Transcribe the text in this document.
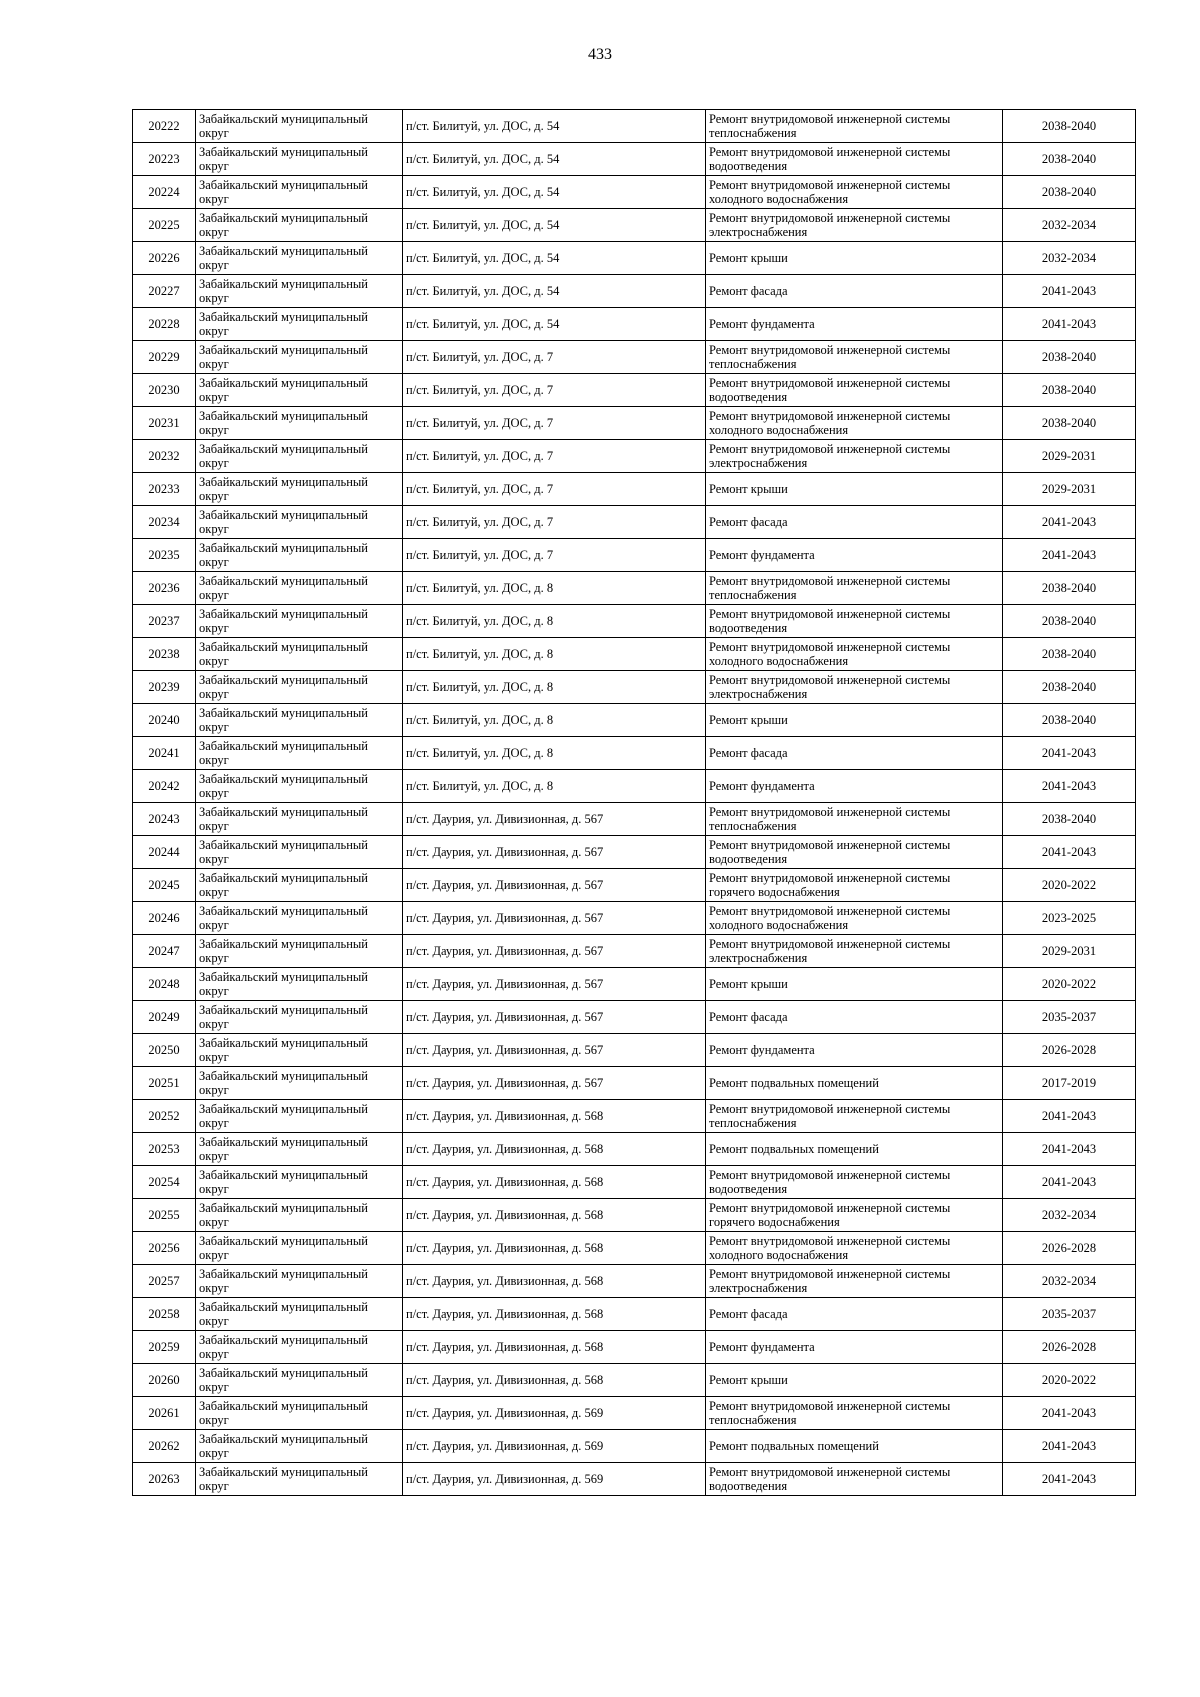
433
20222	Забайкальский муниципальный округ	п/ст. Билитуй, ул. ДОС, д. 54	Ремонт внутридомовой инженерной системы теплоснабжения	2038-2040
20223	Забайкальский муниципальный округ	п/ст. Билитуй, ул. ДОС, д. 54	Ремонт внутридомовой инженерной системы водоотведения	2038-2040
20224	Забайкальский муниципальный округ	п/ст. Билитуй, ул. ДОС, д. 54	Ремонт внутридомовой инженерной системы холодного водоснабжения	2038-2040
20225	Забайкальский муниципальный округ	п/ст. Билитуй, ул. ДОС, д. 54	Ремонт внутридомовой инженерной системы электроснабжения	2032-2034
20226	Забайкальский муниципальный округ	п/ст. Билитуй, ул. ДОС, д. 54	Ремонт крыши	2032-2034
20227	Забайкальский муниципальный округ	п/ст. Билитуй, ул. ДОС, д. 54	Ремонт фасада	2041-2043
20228	Забайкальский муниципальный округ	п/ст. Билитуй, ул. ДОС, д. 54	Ремонт фундамента	2041-2043
20229	Забайкальский муниципальный округ	п/ст. Билитуй, ул. ДОС, д. 7	Ремонт внутридомовой инженерной системы теплоснабжения	2038-2040
20230	Забайкальский муниципальный округ	п/ст. Билитуй, ул. ДОС, д. 7	Ремонт внутридомовой инженерной системы водоотведения	2038-2040
20231	Забайкальский муниципальный округ	п/ст. Билитуй, ул. ДОС, д. 7	Ремонт внутридомовой инженерной системы холодного водоснабжения	2038-2040
20232	Забайкальский муниципальный округ	п/ст. Билитуй, ул. ДОС, д. 7	Ремонт внутридомовой инженерной системы электроснабжения	2029-2031
20233	Забайкальский муниципальный округ	п/ст. Билитуй, ул. ДОС, д. 7	Ремонт крыши	2029-2031
20234	Забайкальский муниципальный округ	п/ст. Билитуй, ул. ДОС, д. 7	Ремонт фасада	2041-2043
20235	Забайкальский муниципальный округ	п/ст. Билитуй, ул. ДОС, д. 7	Ремонт фундамента	2041-2043
20236	Забайкальский муниципальный округ	п/ст. Билитуй, ул. ДОС, д. 8	Ремонт внутридомовой инженерной системы теплоснабжения	2038-2040
20237	Забайкальский муниципальный округ	п/ст. Билитуй, ул. ДОС, д. 8	Ремонт внутридомовой инженерной системы водоотведения	2038-2040
20238	Забайкальский муниципальный округ	п/ст. Билитуй, ул. ДОС, д. 8	Ремонт внутридомовой инженерной системы холодного водоснабжения	2038-2040
20239	Забайкальский муниципальный округ	п/ст. Билитуй, ул. ДОС, д. 8	Ремонт внутридомовой инженерной системы электроснабжения	2038-2040
20240	Забайкальский муниципальный округ	п/ст. Билитуй, ул. ДОС, д. 8	Ремонт крыши	2038-2040
20241	Забайкальский муниципальный округ	п/ст. Билитуй, ул. ДОС, д. 8	Ремонт фасада	2041-2043
20242	Забайкальский муниципальный округ	п/ст. Билитуй, ул. ДОС, д. 8	Ремонт фундамента	2041-2043
20243	Забайкальский муниципальный округ	п/ст. Даурия, ул. Дивизионная, д. 567	Ремонт внутридомовой инженерной системы теплоснабжения	2038-2040
20244	Забайкальский муниципальный округ	п/ст. Даурия, ул. Дивизионная, д. 567	Ремонт внутридомовой инженерной системы водоотведения	2041-2043
20245	Забайкальский муниципальный округ	п/ст. Даурия, ул. Дивизионная, д. 567	Ремонт внутридомовой инженерной системы горячего водоснабжения	2020-2022
20246	Забайкальский муниципальный округ	п/ст. Даурия, ул. Дивизионная, д. 567	Ремонт внутридомовой инженерной системы холодного водоснабжения	2023-2025
20247	Забайкальский муниципальный округ	п/ст. Даурия, ул. Дивизионная, д. 567	Ремонт внутридомовой инженерной системы электроснабжения	2029-2031
20248	Забайкальский муниципальный округ	п/ст. Даурия, ул. Дивизионная, д. 567	Ремонт крыши	2020-2022
20249	Забайкальский муниципальный округ	п/ст. Даурия, ул. Дивизионная, д. 567	Ремонт фасада	2035-2037
20250	Забайкальский муниципальный округ	п/ст. Даурия, ул. Дивизионная, д. 567	Ремонт фундамента	2026-2028
20251	Забайкальский муниципальный округ	п/ст. Даурия, ул. Дивизионная, д. 567	Ремонт подвальных помещений	2017-2019
20252	Забайкальский муниципальный округ	п/ст. Даурия, ул. Дивизионная, д. 568	Ремонт внутридомовой инженерной системы теплоснабжения	2041-2043
20253	Забайкальский муниципальный округ	п/ст. Даурия, ул. Дивизионная, д. 568	Ремонт подвальных помещений	2041-2043
20254	Забайкальский муниципальный округ	п/ст. Даурия, ул. Дивизионная, д. 568	Ремонт внутридомовой инженерной системы водоотведения	2041-2043
20255	Забайкальский муниципальный округ	п/ст. Даурия, ул. Дивизионная, д. 568	Ремонт внутридомовой инженерной системы горячего водоснабжения	2032-2034
20256	Забайкальский муниципальный округ	п/ст. Даурия, ул. Дивизионная, д. 568	Ремонт внутридомовой инженерной системы холодного водоснабжения	2026-2028
20257	Забайкальский муниципальный округ	п/ст. Даурия, ул. Дивизионная, д. 568	Ремонт внутридомовой инженерной системы электроснабжения	2032-2034
20258	Забайкальский муниципальный округ	п/ст. Даурия, ул. Дивизионная, д. 568	Ремонт фасада	2035-2037
20259	Забайкальский муниципальный округ	п/ст. Даурия, ул. Дивизионная, д. 568	Ремонт фундамента	2026-2028
20260	Забайкальский муниципальный округ	п/ст. Даурия, ул. Дивизионная, д. 568	Ремонт крыши	2020-2022
20261	Забайкальский муниципальный округ	п/ст. Даурия, ул. Дивизионная, д. 569	Ремонт внутридомовой инженерной системы теплоснабжения	2041-2043
20262	Забайкальский муниципальный округ	п/ст. Даурия, ул. Дивизионная, д. 569	Ремонт подвальных помещений	2041-2043
20263	Забайкальский муниципальный округ	п/ст. Даурия, ул. Дивизионная, д. 569	Ремонт внутридомовой инженерной системы водоотведения	2041-2043
